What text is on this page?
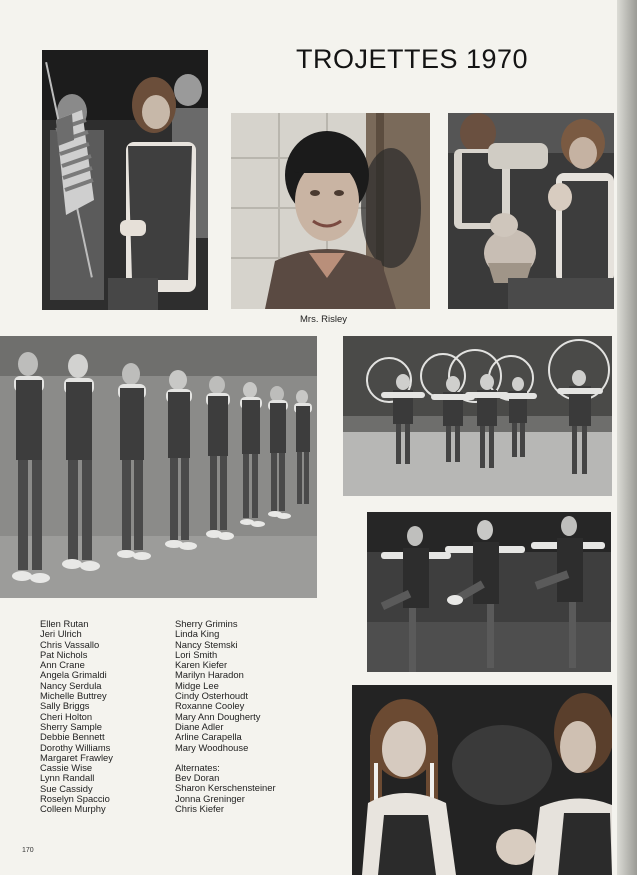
TROJETTES 1970
Mrs. Risley
Ellen Rutan
Jeri Ulrich
Chris Vassallo
Pat Nichols
Ann Crane
Angela Grimaldi
Nancy Serdula
Michelle Buttrey
Sally Briggs
Cheri Holton
Sherry Sample
Debbie Bennett
Dorothy Williams
Margaret Frawley
Cassie Wise
Lynn Randall
Sue Cassidy
Roselyn Spaccio
Colleen Murphy
Sherry Grimins
Linda King
Nancy Stemski
Lori Smith
Karen Kiefer
Marilyn Haradon
Midge Lee
Cindy Osterhoudt
Roxanne Cooley
Mary Ann Dougherty
Diane Adler
Arline Carapella
Mary Woodhouse
Alternates:
Bev Doran
Sharon Kerschensteiner
Jonna Greninger
Chris Kiefer
170
